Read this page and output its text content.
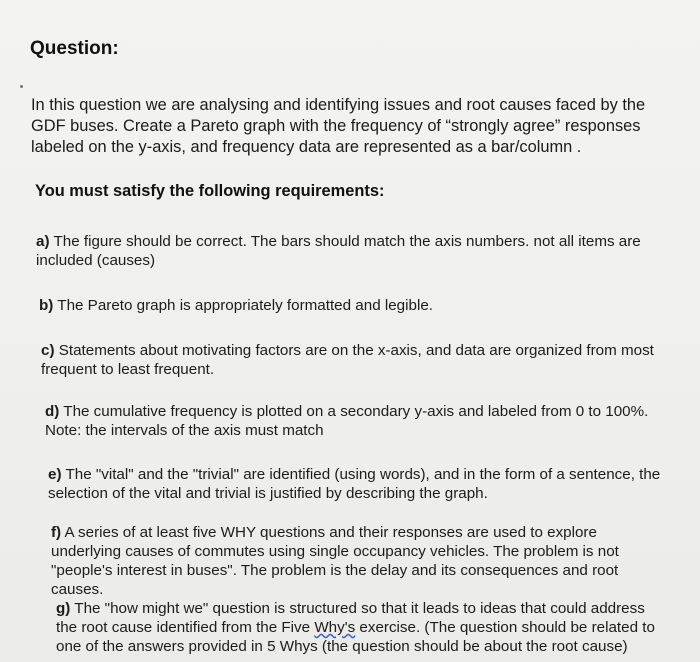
Question:

In this question we are analysing and identifying issues and root causes faced by the GDF buses. Create a Pareto graph with the frequency of “strongly agree” responses labeled on the y-axis, and frequency data are represented as a bar/column .

You must satisfy the following requirements:

a) The figure should be correct. The bars should match the axis numbers. not all items are included (causes)

b) The Pareto graph is appropriately formatted and legible.

c) Statements about motivating factors are on the x-axis, and data are organized from most frequent to least frequent.

d) The cumulative frequency is plotted on a secondary y-axis and labeled from 0 to 100%. Note: the intervals of the axis must match

e) The "vital" and the "trivial" are identified (using words), and in the form of a sentence, the selection of the vital and trivial is justified by describing the graph.

f) A series of at least five WHY questions and their responses are used to explore underlying causes of commutes using single occupancy vehicles. The problem is not "people's interest in buses". The problem is the delay and its consequences and root causes.

g) The "how might we" question is structured so that it leads to ideas that could address the root cause identified from the Five Why's exercise. (The question should be related to one of the answers provided in 5 Whys (the question should be about the root cause)
